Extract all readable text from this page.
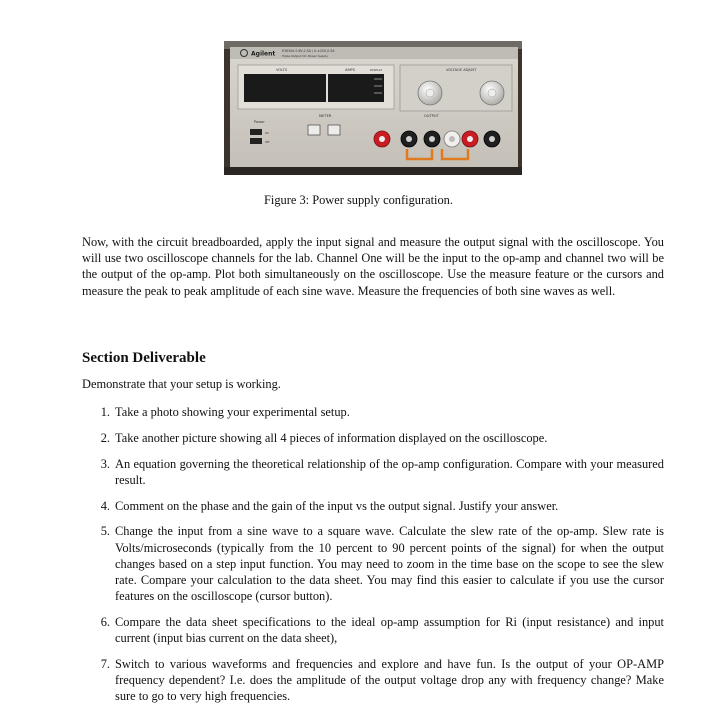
Agilent E3630A 0-6V,2.5A / 0-±20V,0.5A
Triple Output DC Power Supply
VOLTS	AMPS	DISPLAY	VOLTAGE ADJUST
METER
Power
On
Off
OUTPUT
Figure 3: Power supply configuration.

Now, with the circuit breadboarded, apply the input signal and measure the output signal with the oscilloscope. You will use two oscilloscope channels for the lab. Channel One will be the input to the op-amp and channel two will be the output of the op-amp. Plot both simultaneously on the oscilloscope. Use the measure feature or the cursors and measure the peak to peak amplitude of each sine wave. Measure the frequencies of both sine waves as well.

Section Deliverable

Demonstrate that your setup is working.

1. Take a photo showing your experimental setup.
2. Take another picture showing all 4 pieces of information displayed on the oscilloscope.
3. An equation governing the theoretical relationship of the op-amp configuration. Compare with your measured result.
4. Comment on the phase and the gain of the input vs the output signal. Justify your answer.
5. Change the input from a sine wave to a square wave. Calculate the slew rate of the op-amp. Slew rate is Volts/microseconds (typically from the 10 percent to 90 percent points of the signal) for when the output changes based on a step input function. You may need to zoom in the time base on the scope to see the slew rate. Compare your calculation to the data sheet. You may find this easier to calculate if you use the cursor features on the oscilloscope (cursor button).
6. Compare the data sheet specifications to the ideal op-amp assumption for Ri (input resistance) and input current (input bias current on the data sheet),
7. Switch to various waveforms and frequencies and explore and have fun. Is the output of your OP-AMP frequency dependent? I.e. does the amplitude of the output voltage drop any with frequency change? Make sure to go to very high frequencies.
